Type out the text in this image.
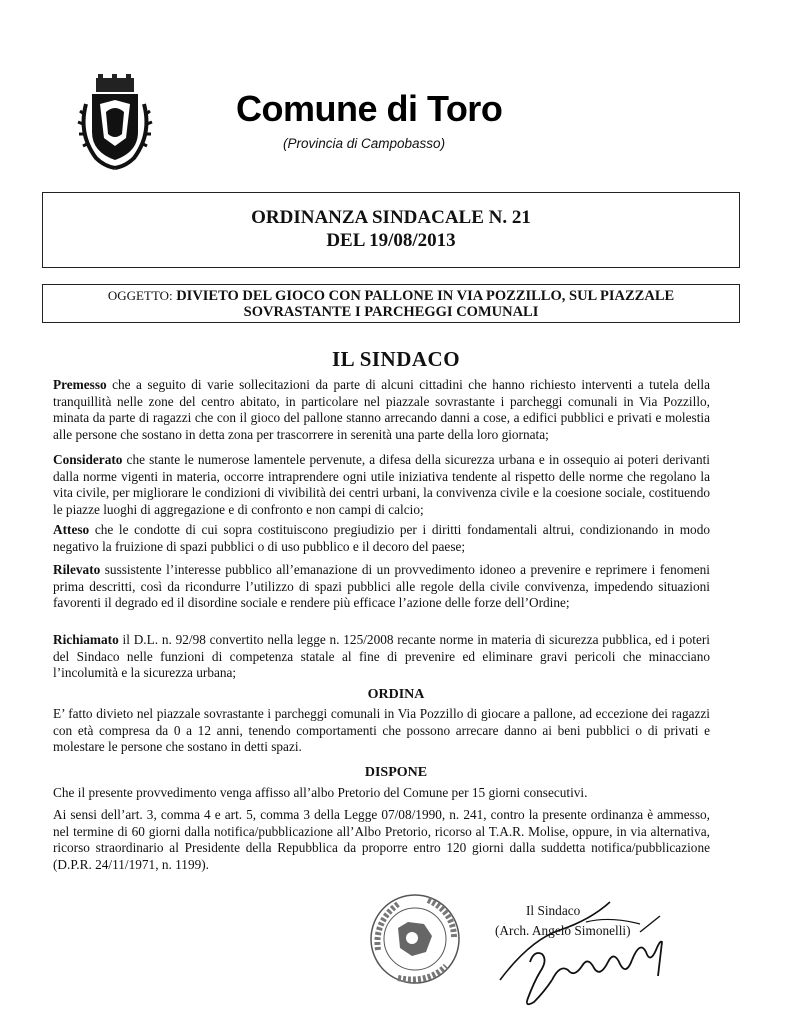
Comune di Toro
(Provincia di Campobasso)
ORDINANZA SINDACALE N. 21
DEL 19/08/2013
OGGETTO: DIVIETO DEL GIOCO CON PALLONE IN VIA POZZILLO, SUL PIAZZALE
SOVRASTANTE I PARCHEGGI COMUNALI
IL SINDACO
Premesso che a seguito di varie sollecitazioni da parte di alcuni cittadini che hanno richiesto interventi a tutela della tranquillità nelle zone del centro abitato, in particolare nel piazzale sovrastante i parcheggi comunali in Via Pozzillo, minata da parte di ragazzi che con il gioco del pallone stanno arrecando danni a cose, a edifici pubblici e privati e molestia alle persone che sostano in detta zona per trascorrere in serenità una parte della loro giornata;
Considerato che stante le numerose lamentele pervenute, a difesa della sicurezza urbana e in ossequio ai poteri derivanti dalla norme vigenti in materia, occorre intraprendere ogni utile iniziativa tendente al rispetto delle norme che regolano la vita civile, per migliorare le condizioni di vivibilità dei centri urbani, la convivenza civile e la coesione sociale, costituendo le piazze luoghi di aggregazione e di confronto e non campi di calcio;
Atteso che le condotte di cui sopra costituiscono pregiudizio per i diritti fondamentali altrui, condizionando in modo negativo la fruizione di spazi pubblici o di uso pubblico e il decoro del paese;
Rilevato sussistente l’interesse pubblico all’emanazione di un provvedimento idoneo a prevenire e reprimere i fenomeni prima descritti, così da ricondurre l’utilizzo di spazi pubblici alle regole della civile convivenza, impedendo situazioni favorenti il degrado ed il disordine sociale e rendere più efficace l’azione delle forze dell’Ordine;
Richiamato il D.L. n. 92/98 convertito nella legge n. 125/2008 recante norme in materia di sicurezza pubblica, ed i poteri del Sindaco nelle funzioni di competenza statale al fine di prevenire ed eliminare gravi pericoli che minacciano l’incolumità e la sicurezza urbana;
ORDINA
E’ fatto divieto nel piazzale sovrastante i parcheggi comunali in Via Pozzillo di giocare a pallone, ad eccezione dei ragazzi con età compresa da 0 a 12 anni, tenendo comportamenti che possono arrecare danno ai beni pubblici o di privati e molestare le persone che sostano in detti spazi.
DISPONE
Che il presente provvedimento venga affisso all’albo Pretorio del Comune per 15 giorni consecutivi.
Ai sensi dell’art. 3, comma 4 e art. 5, comma 3 della Legge 07/08/1990, n. 241, contro la presente ordinanza è ammesso, nel termine di 60 giorni dalla notifica/pubblicazione all’Albo Pretorio, ricorso al T.A.R. Molise, oppure, in via alternativa, ricorso straordinario al Presidente della Repubblica da proporre entro 120 giorni dalla suddetta notifica/pubblicazione (D.P.R. 24/11/1971, n. 1199).
Il Sindaco
(Arch. Angelo Simonelli)
